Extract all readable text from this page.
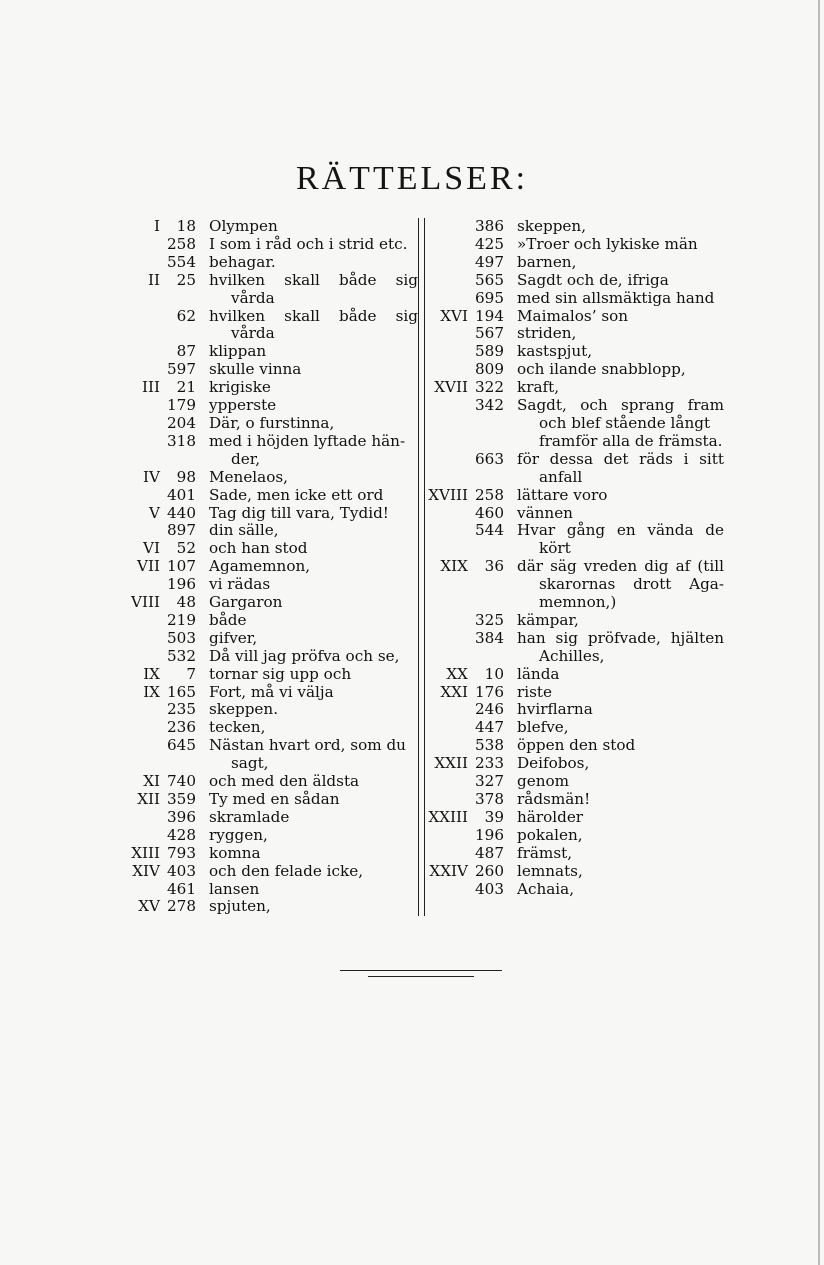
RÄTTELSER:
I	18 Olympen
258 I som i råd och i strid etc.
554 behagar.
II	25 hvilken skall både sig
vårda
62 hvilken skall både sig
vårda
87 klippan
597 skulle vinna
III	21 krigiske
179 ypperste
204 Där, o furstinna,
318 med i höjden lyftade hän-
der,
IV	98 Menelaos,
401 Sade, men icke ett ord
V 440 Tag dig till vara, Tydid!
897 din sälle,
VI	52 och han stod
VII 107 Agamemnon,
196 vi rädas
VIII	48 Gargaron
219 både
503 gifver,
532 Då vill jag pröfva och se,
IX	7 tornar sig upp och
IX 165 Fort, må vi välja
235 skeppen.
236 tecken,
645 Nästan hvart ord, som du
sagt,
XI 740 och med den äldsta
XII 359 Ty med en sådan
396 skramlade
428 ryggen,
XIII 793 komna
XIV 403 och den felade icke,
461 lansen
XV 278 spjuten,
386 skeppen,
425 »Troer och lykiske män
497 barnen,
565 Sagdt och de, ifriga
695 med sin allsmäktiga hand
XVI 194 Maimalos’ son
567 striden,
589 kastspjut,
809 och ilande snabblopp,
XVII 322 kraft,
342 Sagdt, och sprang fram
och blef stående långt
framför alla de främsta.
663 för dessa det räds i sitt
anfall
XVIII 258 lättare voro
460 vännen
544 Hvar gång en vända de
kört
XIX	36 där säg vreden dig af (till
skarornas drott Aga-
memnon,)
325 kämpar,
384 han sig pröfvade, hjälten
Achilles,
XX	10 lända
XXI 176 riste
246 hvirflarna
447 blefve,
538 öppen den stod
XXII 233 Deifobos,
327 genom
378 rådsmän!
XXIII	39 härolder
196 pokalen,
487 främst,
XXIV 260 lemnats,
403 Achaia,
